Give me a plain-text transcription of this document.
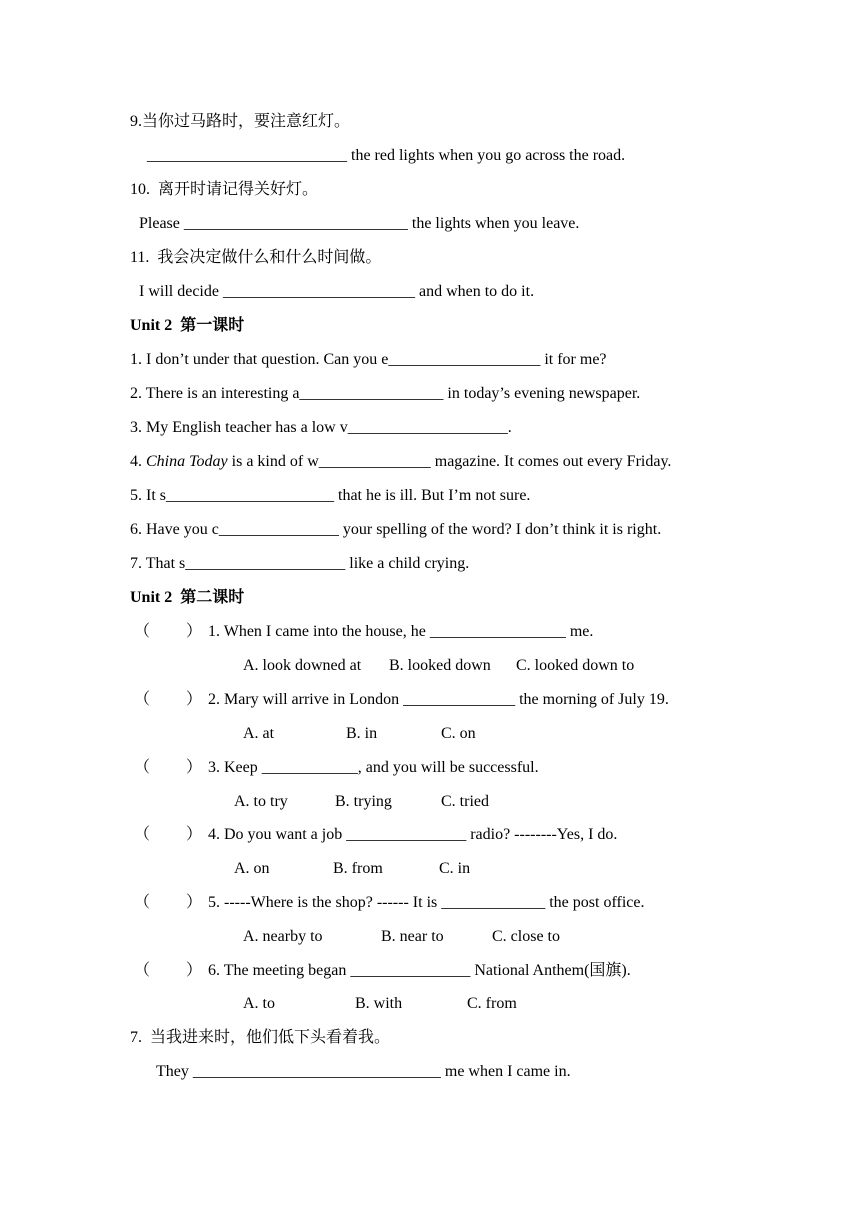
9.当你过马路时，要注意红灯。
_________________________ the red lights when you go across the road.
10.  离开时请记得关好灯。
Please ____________________________ the lights when you leave.
11.  我会决定做什么和什么时间做。
I will decide ________________________ and when to do it.
Unit 2  第一课时
1. I don’t under that question. Can you e___________________ it for me?
2. There is an interesting a__________________ in today’s evening newspaper.
3. My English teacher has a low v____________________.
4. China Today is a kind of w______________ magazine. It comes out every Friday.
5. It s_____________________ that he is ill. But I’m not sure.
6. Have you c_______________ your spelling of the word? I don’t think it is right.
7. That s____________________ like a child crying.
Unit 2  第二课时
（ ） 1. When I came into the house, he _________________ me.
A. look downed at B. looked down C. looked down to
（ ） 2. Mary will arrive in London ______________ the morning of July 19.
A. at	B. in	C. on
（ ） 3. Keep ____________, and you will be successful.
A. to try	B. trying	C. tried
（ ） 4. Do you want a job _______________ radio? --------Yes, I do.
A. on	B. from	C. in
（ ） 5. -----Where is the shop? ------ It is _____________ the post office.
A. nearby to	B. near to	C. close to
（ ） 6. The meeting began _______________ National Anthem(国旗).
A. to	B. with	C. from
7.  当我进来时，他们低下头看着我。
They _______________________________ me when I came in.
